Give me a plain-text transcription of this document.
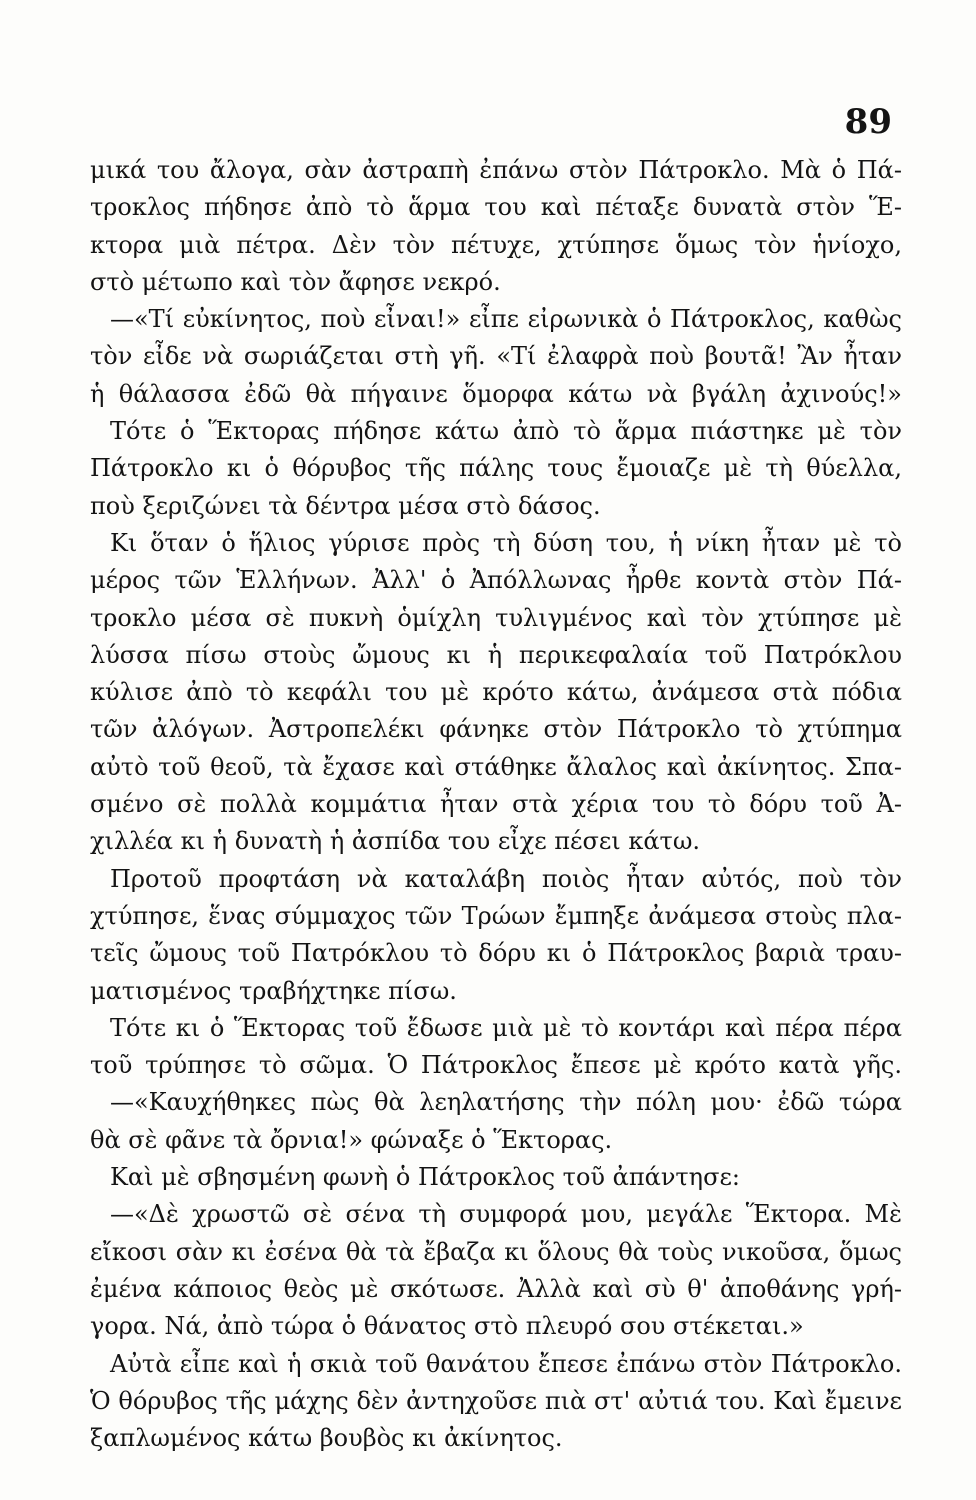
89
μικά του ἄλογα, σὰν ἀστραπὴ ἐπάνω στὸν Πάτροκλο. Μὰ ὁ Πά-
τροκλος πήδησε ἀπὸ τὸ ἅρμα του καὶ πέταξε δυνατὰ στὸν Ἕ-
κτορα μιὰ πέτρα. Δὲν τὸν πέτυχε, χτύπησε ὅμως τὸν ἡνίοχο,
στὸ μέτωπο καὶ τὸν ἄφησε νεκρό.
—«Τί εὐκίνητος, ποὺ εἶναι!» εἶπε εἰρωνικὰ ὁ Πάτροκλος, καθὼς
τὸν εἶδε νὰ σωριάζεται στὴ γῆ. «Τί ἐλαφρὰ ποὺ βουτᾶ! Ἂν ἦταν
ἡ θάλασσα ἐδῶ θὰ πήγαινε ὅμορφα κάτω νὰ βγάλη ἀχινούς!»
Τότε ὁ Ἕκτορας πήδησε κάτω ἀπὸ τὸ ἅρμα πιάστηκε μὲ τὸν
Πάτροκλο κι ὁ θόρυβος τῆς πάλης τους ἔμοιαζε μὲ τὴ θύελλα,
ποὺ ξεριζώνει τὰ δέντρα μέσα στὸ δάσος.
Κι ὅταν ὁ ἥλιος γύρισε πρὸς τὴ δύση του, ἡ νίκη ἦταν μὲ τὸ
μέρος τῶν Ἑλλήνων. Ἀλλ' ὁ Ἀπόλλωνας ἦρθε κοντὰ στὸν Πά-
τροκλο μέσα σὲ πυκνὴ ὁμίχλη τυλιγμένος καὶ τὸν χτύπησε μὲ
λύσσα πίσω στοὺς ὤμους κι ἡ περικεφαλαία τοῦ Πατρόκλου
κύλισε ἀπὸ τὸ κεφάλι του μὲ κρότο κάτω, ἀνάμεσα στὰ πόδια
τῶν ἀλόγων. Ἀστροπελέκι φάνηκε στὸν Πάτροκλο τὸ χτύπημα
αὐτὸ τοῦ θεοῦ, τὰ ἔχασε καὶ στάθηκε ἄλαλος καὶ ἀκίνητος. Σπα-
σμένο σὲ πολλὰ κομμάτια ἦταν στὰ χέρια του τὸ δόρυ τοῦ Ἀ-
χιλλέα κι ἡ δυνατὴ ἡ ἀσπίδα του εἶχε πέσει κάτω.
Προτοῦ προφτάση νὰ καταλάβη ποιὸς ἦταν αὐτός, ποὺ τὸν
χτύπησε, ἕνας σύμμαχος τῶν Τρώων ἔμπηξε ἀνάμεσα στοὺς πλα-
τεῖς ὤμους τοῦ Πατρόκλου τὸ δόρυ κι ὁ Πάτροκλος βαριὰ τραυ-
ματισμένος τραβήχτηκε πίσω.
Τότε κι ὁ Ἕκτορας τοῦ ἔδωσε μιὰ μὲ τὸ κοντάρι καὶ πέρα πέρα
τοῦ τρύπησε τὸ σῶμα. Ὁ Πάτροκλος ἔπεσε μὲ κρότο κατὰ γῆς.
—«Καυχήθηκες πὼς θὰ λεηλατήσης τὴν πόλη μου· ἐδῶ τώρα
θὰ σὲ φᾶνε τὰ ὄρνια!» φώναξε ὁ Ἕκτορας.
Καὶ μὲ σβησμένη φωνὴ ὁ Πάτροκλος τοῦ ἀπάντησε:
—«Δὲ χρωστῶ σὲ σένα τὴ συμφορά μου, μεγάλε Ἕκτορα. Μὲ
εἴκοσι σὰν κι ἐσένα θὰ τὰ ἔβαζα κι ὅλους θὰ τοὺς νικοῦσα, ὅμως
ἐμένα κάποιος θεὸς μὲ σκότωσε. Ἀλλὰ καὶ σὺ θ' ἀποθάνης γρή-
γορα. Νά, ἀπὸ τώρα ὁ θάνατος στὸ πλευρό σου στέκεται.»
Αὐτὰ εἶπε καὶ ἡ σκιὰ τοῦ θανάτου ἔπεσε ἐπάνω στὸν Πάτροκλο.
Ὁ θόρυβος τῆς μάχης δὲν ἀντηχοῦσε πιὰ στ' αὐτιά του. Καὶ ἔμεινε
ξαπλωμένος κάτω βουβὸς κι ἀκίνητος.
